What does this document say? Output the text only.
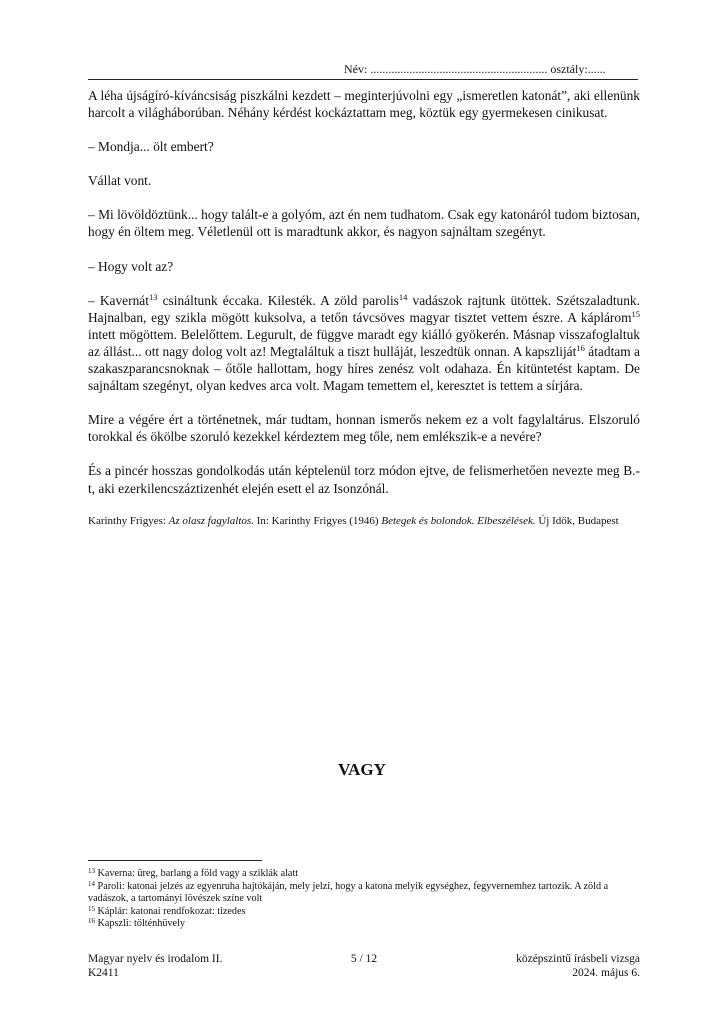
Név: ........................................................... osztály:......

A léha újságíró-kíváncsiság piszkálni kezdett – meginterjúvolni egy „ismeretlen katonát”, aki ellenünk harcolt a világháborúban. Néhány kérdést kockáztattam meg, köztük egy gyermekesen cinikusat.

– Mondja... ölt embert?

Vállat vont.

– Mi lövöldöztünk... hogy talált-e a golyóm, azt én nem tudhatom. Csak egy katonáról tudom biztosan, hogy én öltem meg. Véletlenül ott is maradtunk akkor, és nagyon sajnáltam szegényt.

– Hogy volt az?

– Kavernát$^{13}$ csináltunk éccaka. Kilesték. A zöld parolis$^{14}$ vadászok rajtunk ütöttek. Szétszaladtunk. Hajnalban, egy szikla mögött kuksolva, a tetőn távcsöves magyar tisztet vettem észre. A káplárom$^{15}$ intett mögöttem. Belelőttem. Legurult, de függve maradt egy kiálló gyökerén. Másnap visszafoglaltuk az állást... ott nagy dolog volt az! Megtaláltuk a tiszt hulláját, leszedtük onnan. A kapszliját$^{16}$ átadtam a szakaszparancsnoknak – őtőle hallottam, hogy híres zenész volt odahaza. Én kitüntetést kaptam. De sajnáltam szegényt, olyan kedves arca volt. Magam temettem el, keresztet is tettem a sírjára.

Mire a végére ért a történetnek, már tudtam, honnan ismerős nekem ez a volt fagylaltárus. Elszoruló torokkal és ökölbe szoruló kezekkel kérdeztem meg tőle, nem emlékszik-e a nevére?

És a pincér hosszas gondolkodás után képtelenül torz módon ejtve, de felismerhetően nevezte meg B.-t, aki ezerkilencszáztizenhét elején esett el az Isonzónál.

Karinthy Frigyes: Az olasz fagylaltos. In: Karinthy Frigyes (1946) Betegek és bolondok. Elbeszélések. Új Idők, Budapest

VAGY
$^{13}$ Kaverna: üreg, barlang a föld vagy a sziklák alatt
$^{14}$ Paroli: katonai jelzés az egyenruha hajtókáján, mely jelzi, hogy a katona melyik egységhez, fegyvernemhez tartozik. A zöld a vadászok, a tartományi lövészek színe volt
$^{15}$ Káplár: katonai rendfokozat: tizedes
$^{16}$ Kapszli: tölténhüvely
Magyar nyelv és irodalom II.
K2411
5 / 12	középszintű írásbeli vizsga
2024. május 6.
